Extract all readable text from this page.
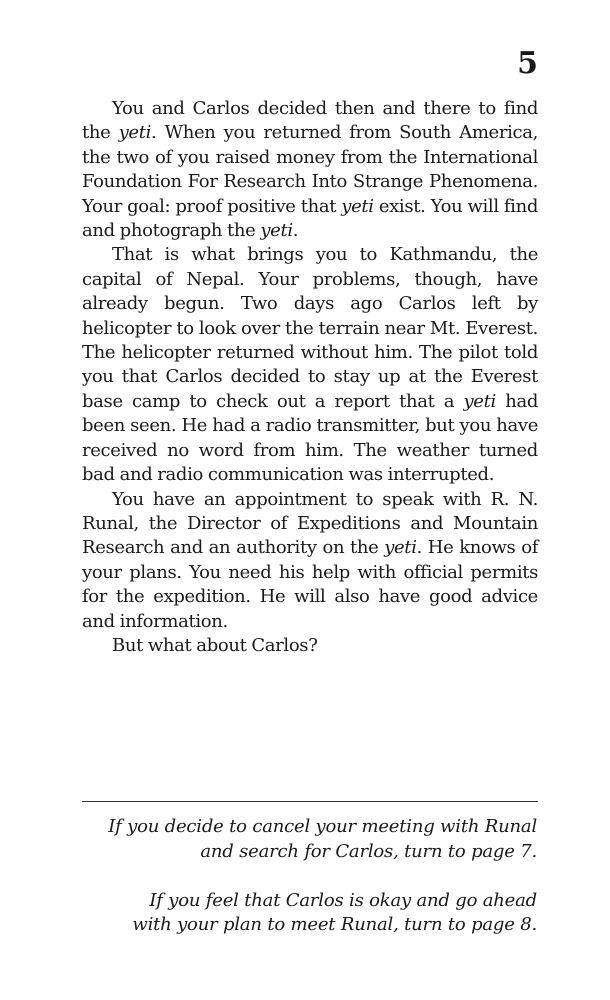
5

You and Carlos decided then and there to find the yeti. When you returned from South America, the two of you raised money from the International Foundation For Research Into Strange Phenomena. Your goal: proof positive that yeti exist. You will find and photograph the yeti.

That is what brings you to Kathmandu, the capital of Nepal. Your problems, though, have already begun. Two days ago Carlos left by helicopter to look over the terrain near Mt. Everest. The helicopter returned without him. The pilot told you that Carlos decided to stay up at the Everest base camp to check out a report that a yeti had been seen. He had a radio transmitter, but you have received no word from him. The weather turned bad and radio communication was interrupted.

You have an appointment to speak with R. N. Runal, the Director of Expeditions and Mountain Research and an authority on the yeti. He knows of your plans. You need his help with official permits for the expedition. He will also have good advice and information.

But what about Carlos?

If you decide to cancel your meeting with Runal
and search for Carlos, turn to page 7.
If you feel that Carlos is okay and go ahead
with your plan to meet Runal, turn to page 8.
